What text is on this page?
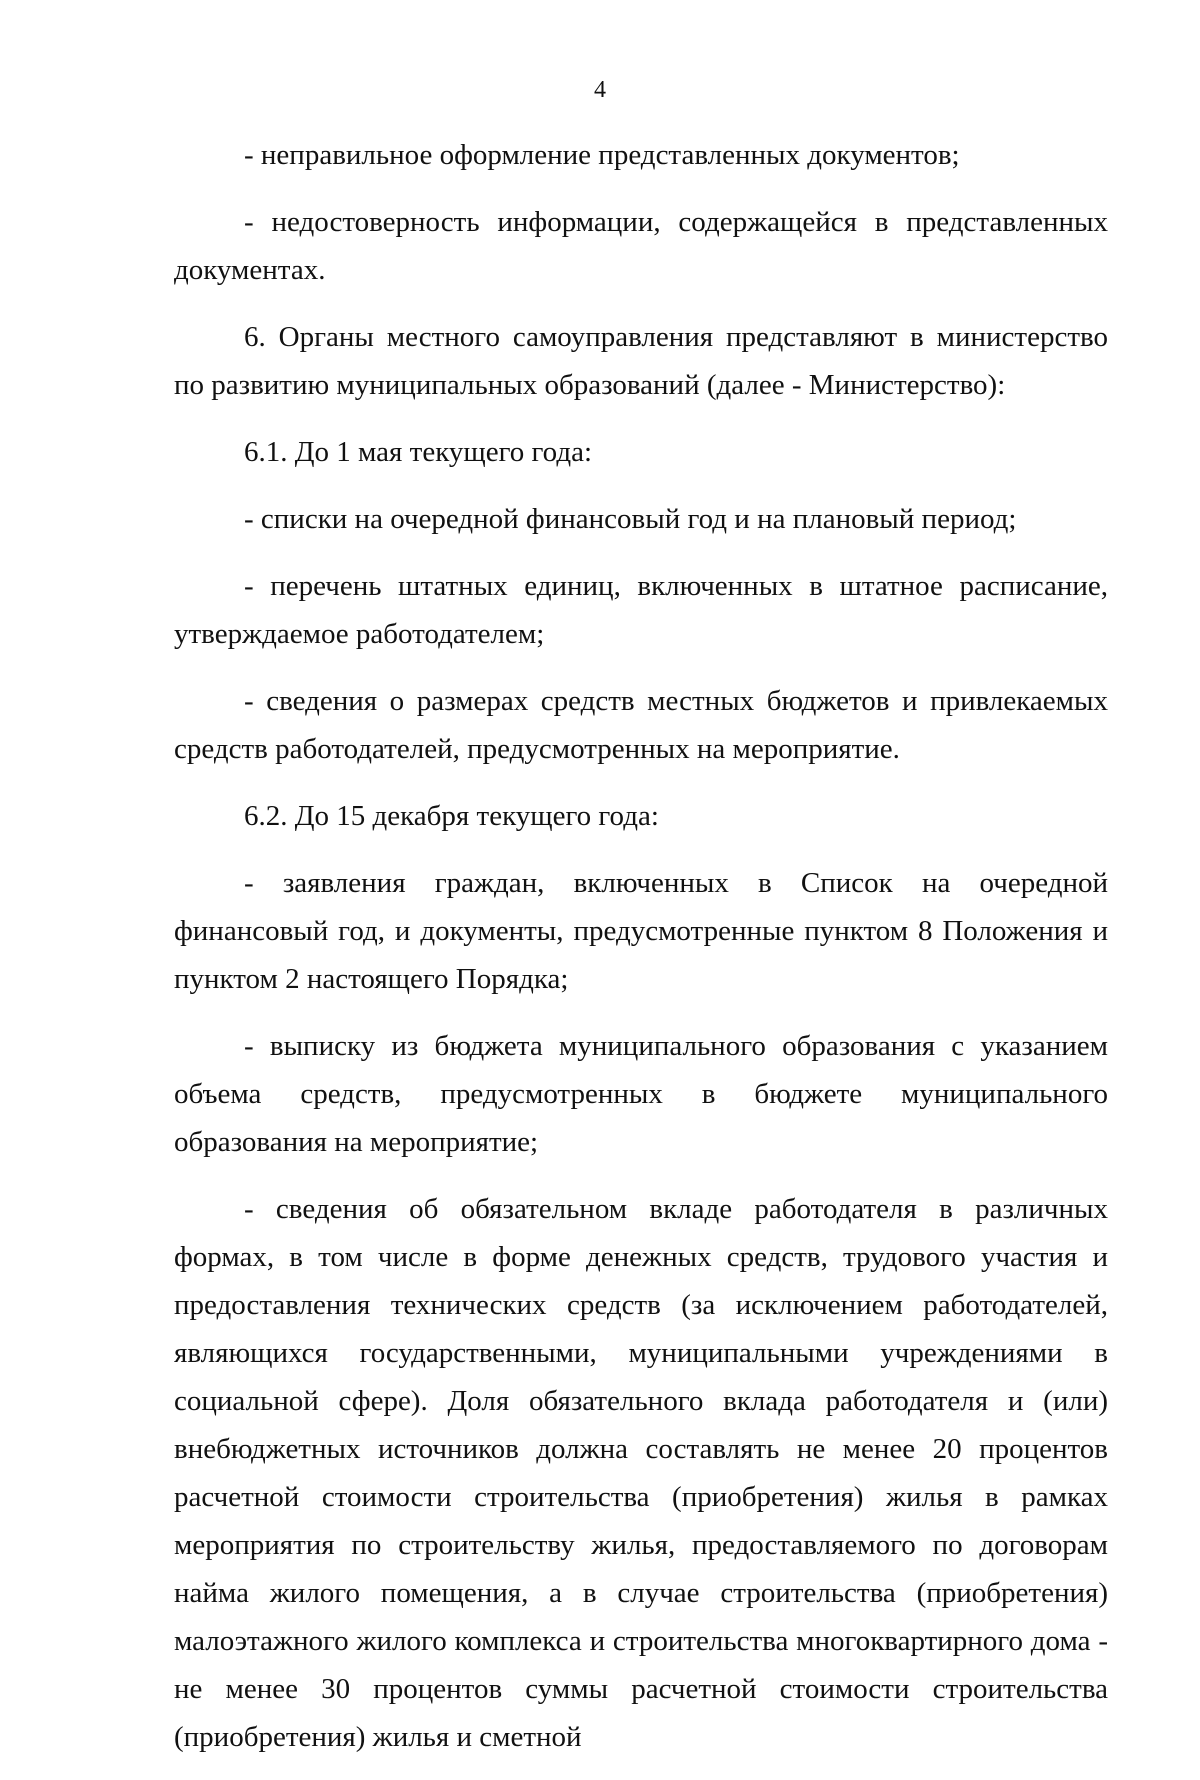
4

- неправильное оформление представленных документов;

- недостоверность информации, содержащейся в представленных документах.

6. Органы местного самоуправления представляют в министерство по развитию муниципальных образований (далее - Министерство):

6.1. До 1 мая текущего года:

- списки на очередной финансовый год и на плановый период;

- перечень штатных единиц, включенных в штатное расписание, утверждаемое работодателем;

- сведения о размерах средств местных бюджетов и привлекаемых средств работодателей, предусмотренных на мероприятие.

6.2. До 15 декабря текущего года:

- заявления граждан, включенных в Список на очередной финансовый год, и документы, предусмотренные пунктом 8 Положения и пунктом 2 настоящего Порядка;

- выписку из бюджета муниципального образования с указанием объема средств, предусмотренных в бюджете муниципального образования на мероприятие;

- сведения об обязательном вкладе работодателя в различных формах, в том числе в форме денежных средств, трудового участия и предоставления технических средств (за исключением работодателей, являющихся государственными, муниципальными учреждениями в социальной сфере). Доля обязательного вклада работодателя и (или) внебюджетных источников должна составлять не менее 20 процентов расчетной стоимости строительства (приобретения) жилья в рамках мероприятия по строительству жилья, предоставляемого по договорам найма жилого помещения, а в случае строительства (приобретения) малоэтажного жилого комплекса и строительства многоквартирного дома - не менее 30 процентов суммы расчетной стоимости строительства (приобретения) жилья и сметной
